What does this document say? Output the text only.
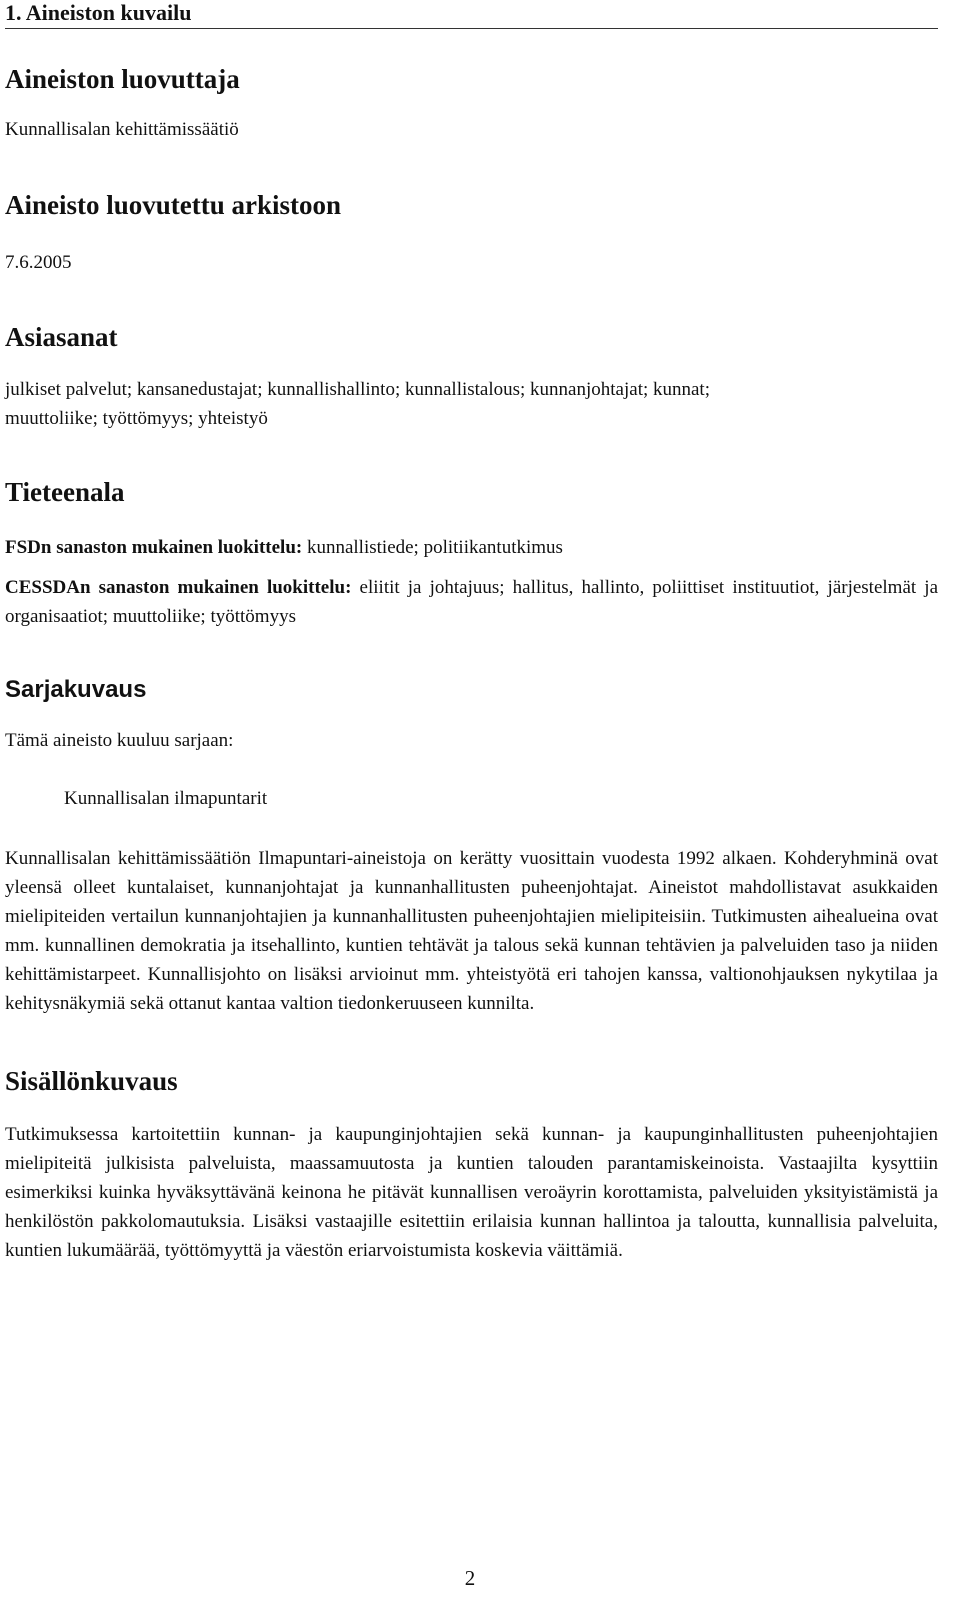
1. Aineiston kuvailu
Aineiston luovuttaja

Kunnallisalan kehittämissäätiö

Aineisto luovutettu arkistoon

7.6.2005

Asiasanat
julkiset palvelut; kansanedustajat; kunnallishallinto; kunnallistalous; kunnanjohtajat; kunnat;
muuttoliike; työttömyys; yhteistyö
Tieteenala

FSDn sanaston mukainen luokittelu: kunnallistiede; politiikantutkimus

CESSDAn sanaston mukainen luokittelu: eliitit ja johtajuus; hallitus, hallinto, poliittiset instituutiot, järjestelmät ja organisaatiot; muuttoliike; työttömyys

Sarjakuvaus

Tämä aineisto kuuluu sarjaan:

Kunnallisalan ilmapuntarit

Kunnallisalan kehittämissäätiön Ilmapuntari-aineistoja on kerätty vuosittain vuodesta 1992 alkaen. Kohderyhminä ovat yleensä olleet kuntalaiset, kunnanjohtajat ja kunnanhallitusten puheenjohtajat. Aineistot mahdollistavat asukkaiden mielipiteiden vertailun kunnanjohtajien ja kunnanhallitusten puheenjohtajien mielipiteisiin. Tutkimusten aihealueina ovat mm. kunnallinen demokratia ja itsehallinto, kuntien tehtävät ja talous sekä kunnan tehtävien ja palveluiden taso ja niiden kehittämistarpeet. Kunnallisjohto on lisäksi arvioinut mm. yhteistyötä eri tahojen kanssa, valtionohjauksen nykytilaa ja kehitysnäkymiä sekä ottanut kantaa valtion tiedonkeruuseen kunnilta.

Sisällönkuvaus

Tutkimuksessa kartoitettiin kunnan- ja kaupunginjohtajien sekä kunnan- ja kaupunginhallitusten puheenjohtajien mielipiteitä julkisista palveluista, maassamuutosta ja kuntien talouden parantamiskeinoista. Vastaajilta kysyttiin esimerkiksi kuinka hyväksyttävänä keinona he pitävät kunnallisen veroäyrin korottamista, palveluiden yksityistämistä ja henkilöstön pakkolomautuksia. Lisäksi vastaajille esitettiin erilaisia kunnan hallintoa ja taloutta, kunnallisia palveluita, kuntien lukumäärää, työttömyyttä ja väestön eriarvoistumista koskevia väittämiä.

2
